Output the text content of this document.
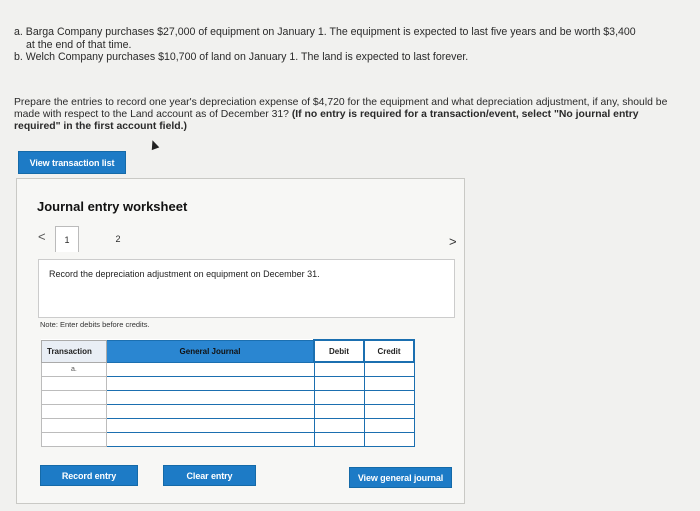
a. Barga Company purchases $27,000 of equipment on January 1. The equipment is expected to last five years and be worth $3,400

at the end of that time.

b. Welch Company purchases $10,700 of land on January 1. The land is expected to last forever.

Prepare the entries to record one year's depreciation expense of $4,720 for the equipment and what depreciation adjustment, if any, should be made with respect to the Land account as of December 31? (If no entry is required for a transaction/event, select "No journal entry required" in the first account field.)
View transaction list
Journal entry worksheet
<	1	2	>
Record the depreciation adjustment on equipment on December 31.
Note: Enter debits before credits.
Transaction	General Journal	Debit	Credit
a.			

Record entry	Clear entry	View general journal
